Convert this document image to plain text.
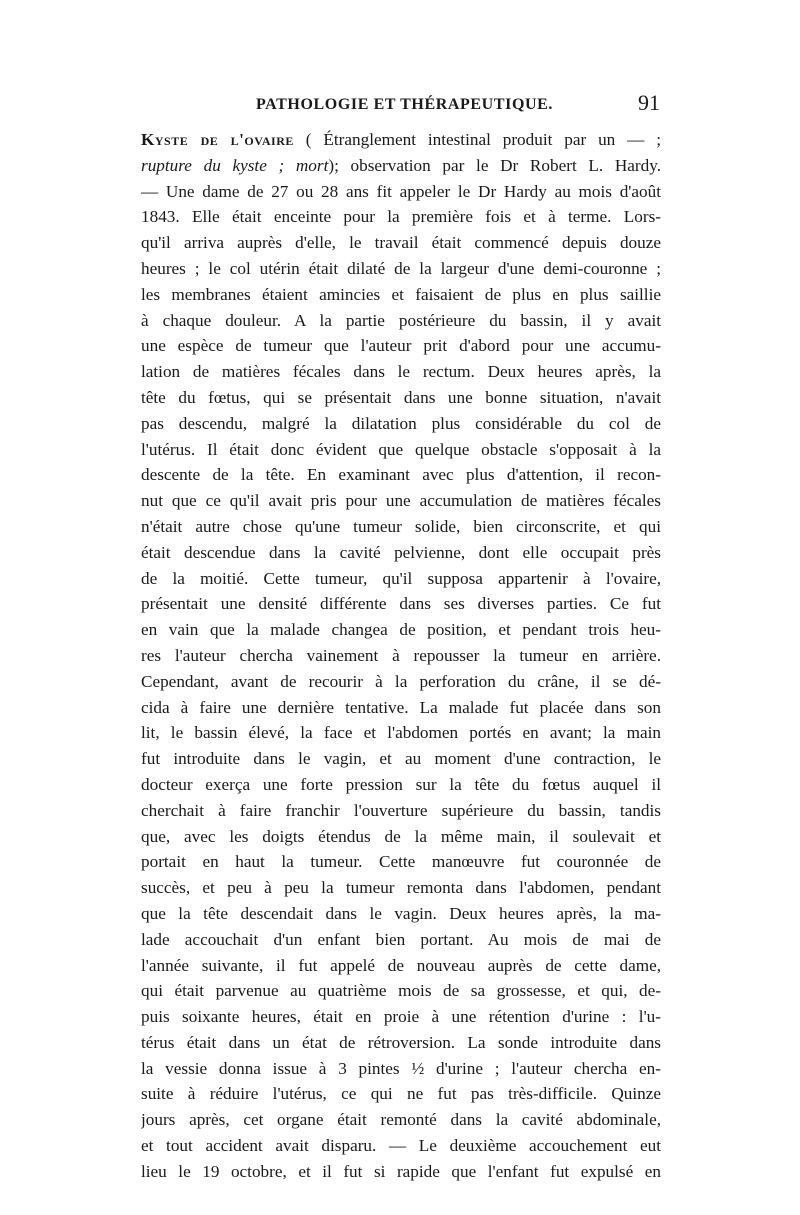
PATHOLOGIE ET THÉRAPEUTIQUE.	91
Kyste de l'ovaire ( Étranglement intestinal produit par un — ;
rupture du kyste ; mort); observation par le Dr Robert L. Hardy.
— Une dame de 27 ou 28 ans fit appeler le Dr Hardy au mois d'août
1843. Elle était enceinte pour la première fois et à terme. Lors-
qu'il arriva auprès d'elle, le travail était commencé depuis douze
heures ; le col utérin était dilaté de la largeur d'une demi-couronne ;
les membranes étaient amincies et faisaient de plus en plus saillie
à chaque douleur. A la partie postérieure du bassin, il y avait
une espèce de tumeur que l'auteur prit d'abord pour une accumu-
lation de matières fécales dans le rectum. Deux heures après, la
tête du fœtus, qui se présentait dans une bonne situation, n'avait
pas descendu, malgré la dilatation plus considérable du col de
l'utérus. Il était donc évident que quelque obstacle s'opposait à la
descente de la tête. En examinant avec plus d'attention, il recon-
nut que ce qu'il avait pris pour une accumulation de matières fécales
n'était autre chose qu'une tumeur solide, bien circonscrite, et qui
était descendue dans la cavité pelvienne, dont elle occupait près
de la moitié. Cette tumeur, qu'il supposa appartenir à l'ovaire,
présentait une densité différente dans ses diverses parties. Ce fut
en vain que la malade changea de position, et pendant trois heu-
res l'auteur chercha vainement à repousser la tumeur en arrière.
Cependant, avant de recourir à la perforation du crâne, il se dé-
cida à faire une dernière tentative. La malade fut placée dans son
lit, le bassin élevé, la face et l'abdomen portés en avant; la main
fut introduite dans le vagin, et au moment d'une contraction, le
docteur exerça une forte pression sur la tête du fœtus auquel il
cherchait à faire franchir l'ouverture supérieure du bassin, tandis
que, avec les doigts étendus de la même main, il soulevait et
portait en haut la tumeur. Cette manœuvre fut couronnée de
succès, et peu à peu la tumeur remonta dans l'abdomen, pendant
que la tête descendait dans le vagin. Deux heures après, la ma-
lade accouchait d'un enfant bien portant. Au mois de mai de
l'année suivante, il fut appelé de nouveau auprès de cette dame,
qui était parvenue au quatrième mois de sa grossesse, et qui, de-
puis soixante heures, était en proie à une rétention d'urine : l'u-
térus était dans un état de rétroversion. La sonde introduite dans
la vessie donna issue à 3 pintes ½ d'urine ; l'auteur chercha en-
suite à réduire l'utérus, ce qui ne fut pas très-difficile. Quinze
jours après, cet organe était remonté dans la cavité abdominale,
et tout accident avait disparu. — Le deuxième accouchement eut
lieu le 19 octobre, et il fut si rapide que l'enfant fut expulsé en
